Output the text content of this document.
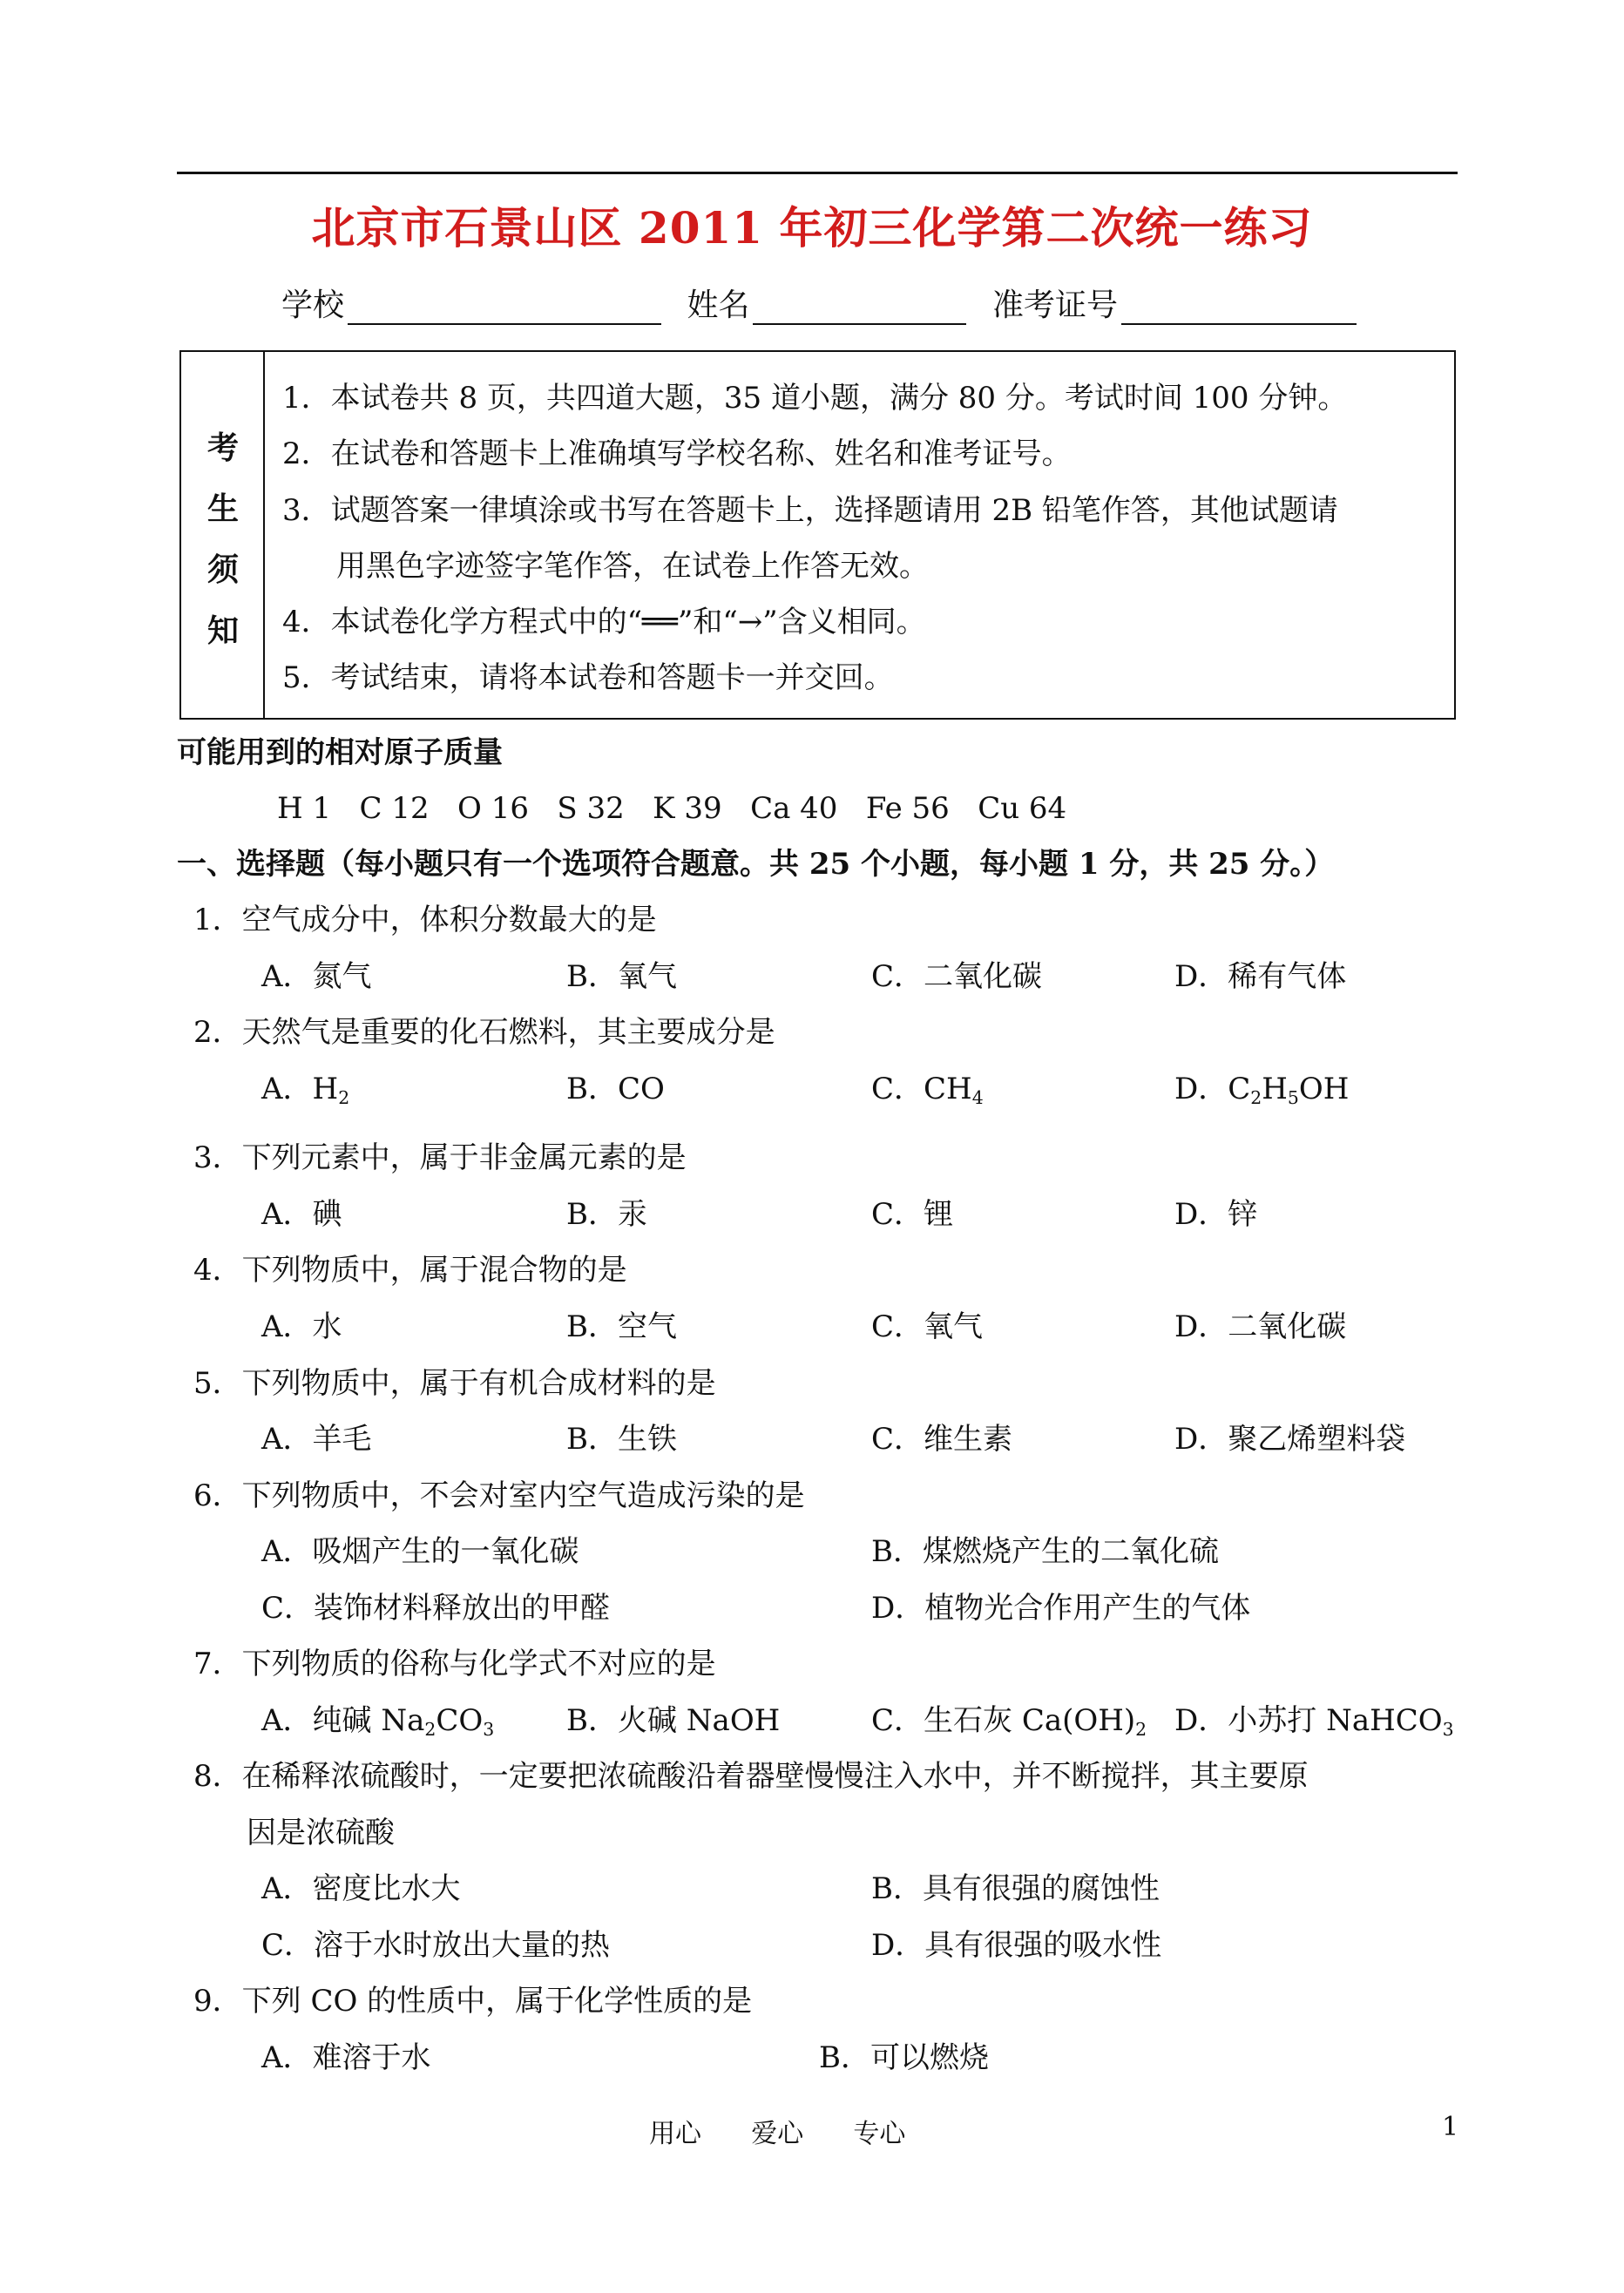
北京市石景山区 2011 年初三化学第二次统一练习
学校	姓名	准考证号
考
生
须
知
1．本试卷共 8 页，共四道大题，35 道小题，满分 80 分。考试时间 100 分钟。
2．在试卷和答题卡上准确填写学校名称、姓名和准考证号。
3．试题答案一律填涂或书写在答题卡上，选择题请用 2B 铅笔作答，其他试题请
用黑色字迹签字笔作答，在试卷上作答无效。
4．本试卷化学方程式中的“══”和“→”含义相同。
5．考试结束，请将本试卷和答题卡一并交回。
可能用到的相对原子质量
H 1   C 12   O 16   S 32   K 39   Ca 40   Fe 56   Cu 64
一、选择题（每小题只有一个选项符合题意。共 25 个小题，每小题 1 分，共 25 分。）
1．空气成分中，体积分数最大的是
A．氮气	B．氧气	C．二氧化碳	D．稀有气体
2．天然气是重要的化石燃料，其主要成分是
A．$H_2$	B．CO	C．$CH_4$	D．$C_2H_5OH$
3．下列元素中，属于非金属元素的是
A．碘	B．汞	C．锂	D．锌
4．下列物质中，属于混合物的是
A．水	B．空气	C．氧气	D．二氧化碳
5．下列物质中，属于有机合成材料的是
A．羊毛	B．生铁	C．维生素	D．聚乙烯塑料袋
6．下列物质中，不会对室内空气造成污染的是
A．吸烟产生的一氧化碳	B．煤燃烧产生的二氧化硫
C．装饰材料释放出的甲醛	D．植物光合作用产生的气体
7．下列物质的俗称与化学式不对应的是
A．纯碱 $Na_2CO_3$ B．火碱 NaOH	C．生石灰 $Ca(OH)_2$ D．小苏打 NaHCO$_3$
8．在稀释浓硫酸时，一定要把浓硫酸沿着器壁慢慢注入水中，并不断搅拌，其主要原
因是浓硫酸
A．密度比水大	B．具有很强的腐蚀性
C．溶于水时放出大量的热	D．具有很强的吸水性
9．下列 CO 的性质中，属于化学性质的是
A．难溶于水	B．可以燃烧
用心      爱心      专心	1
